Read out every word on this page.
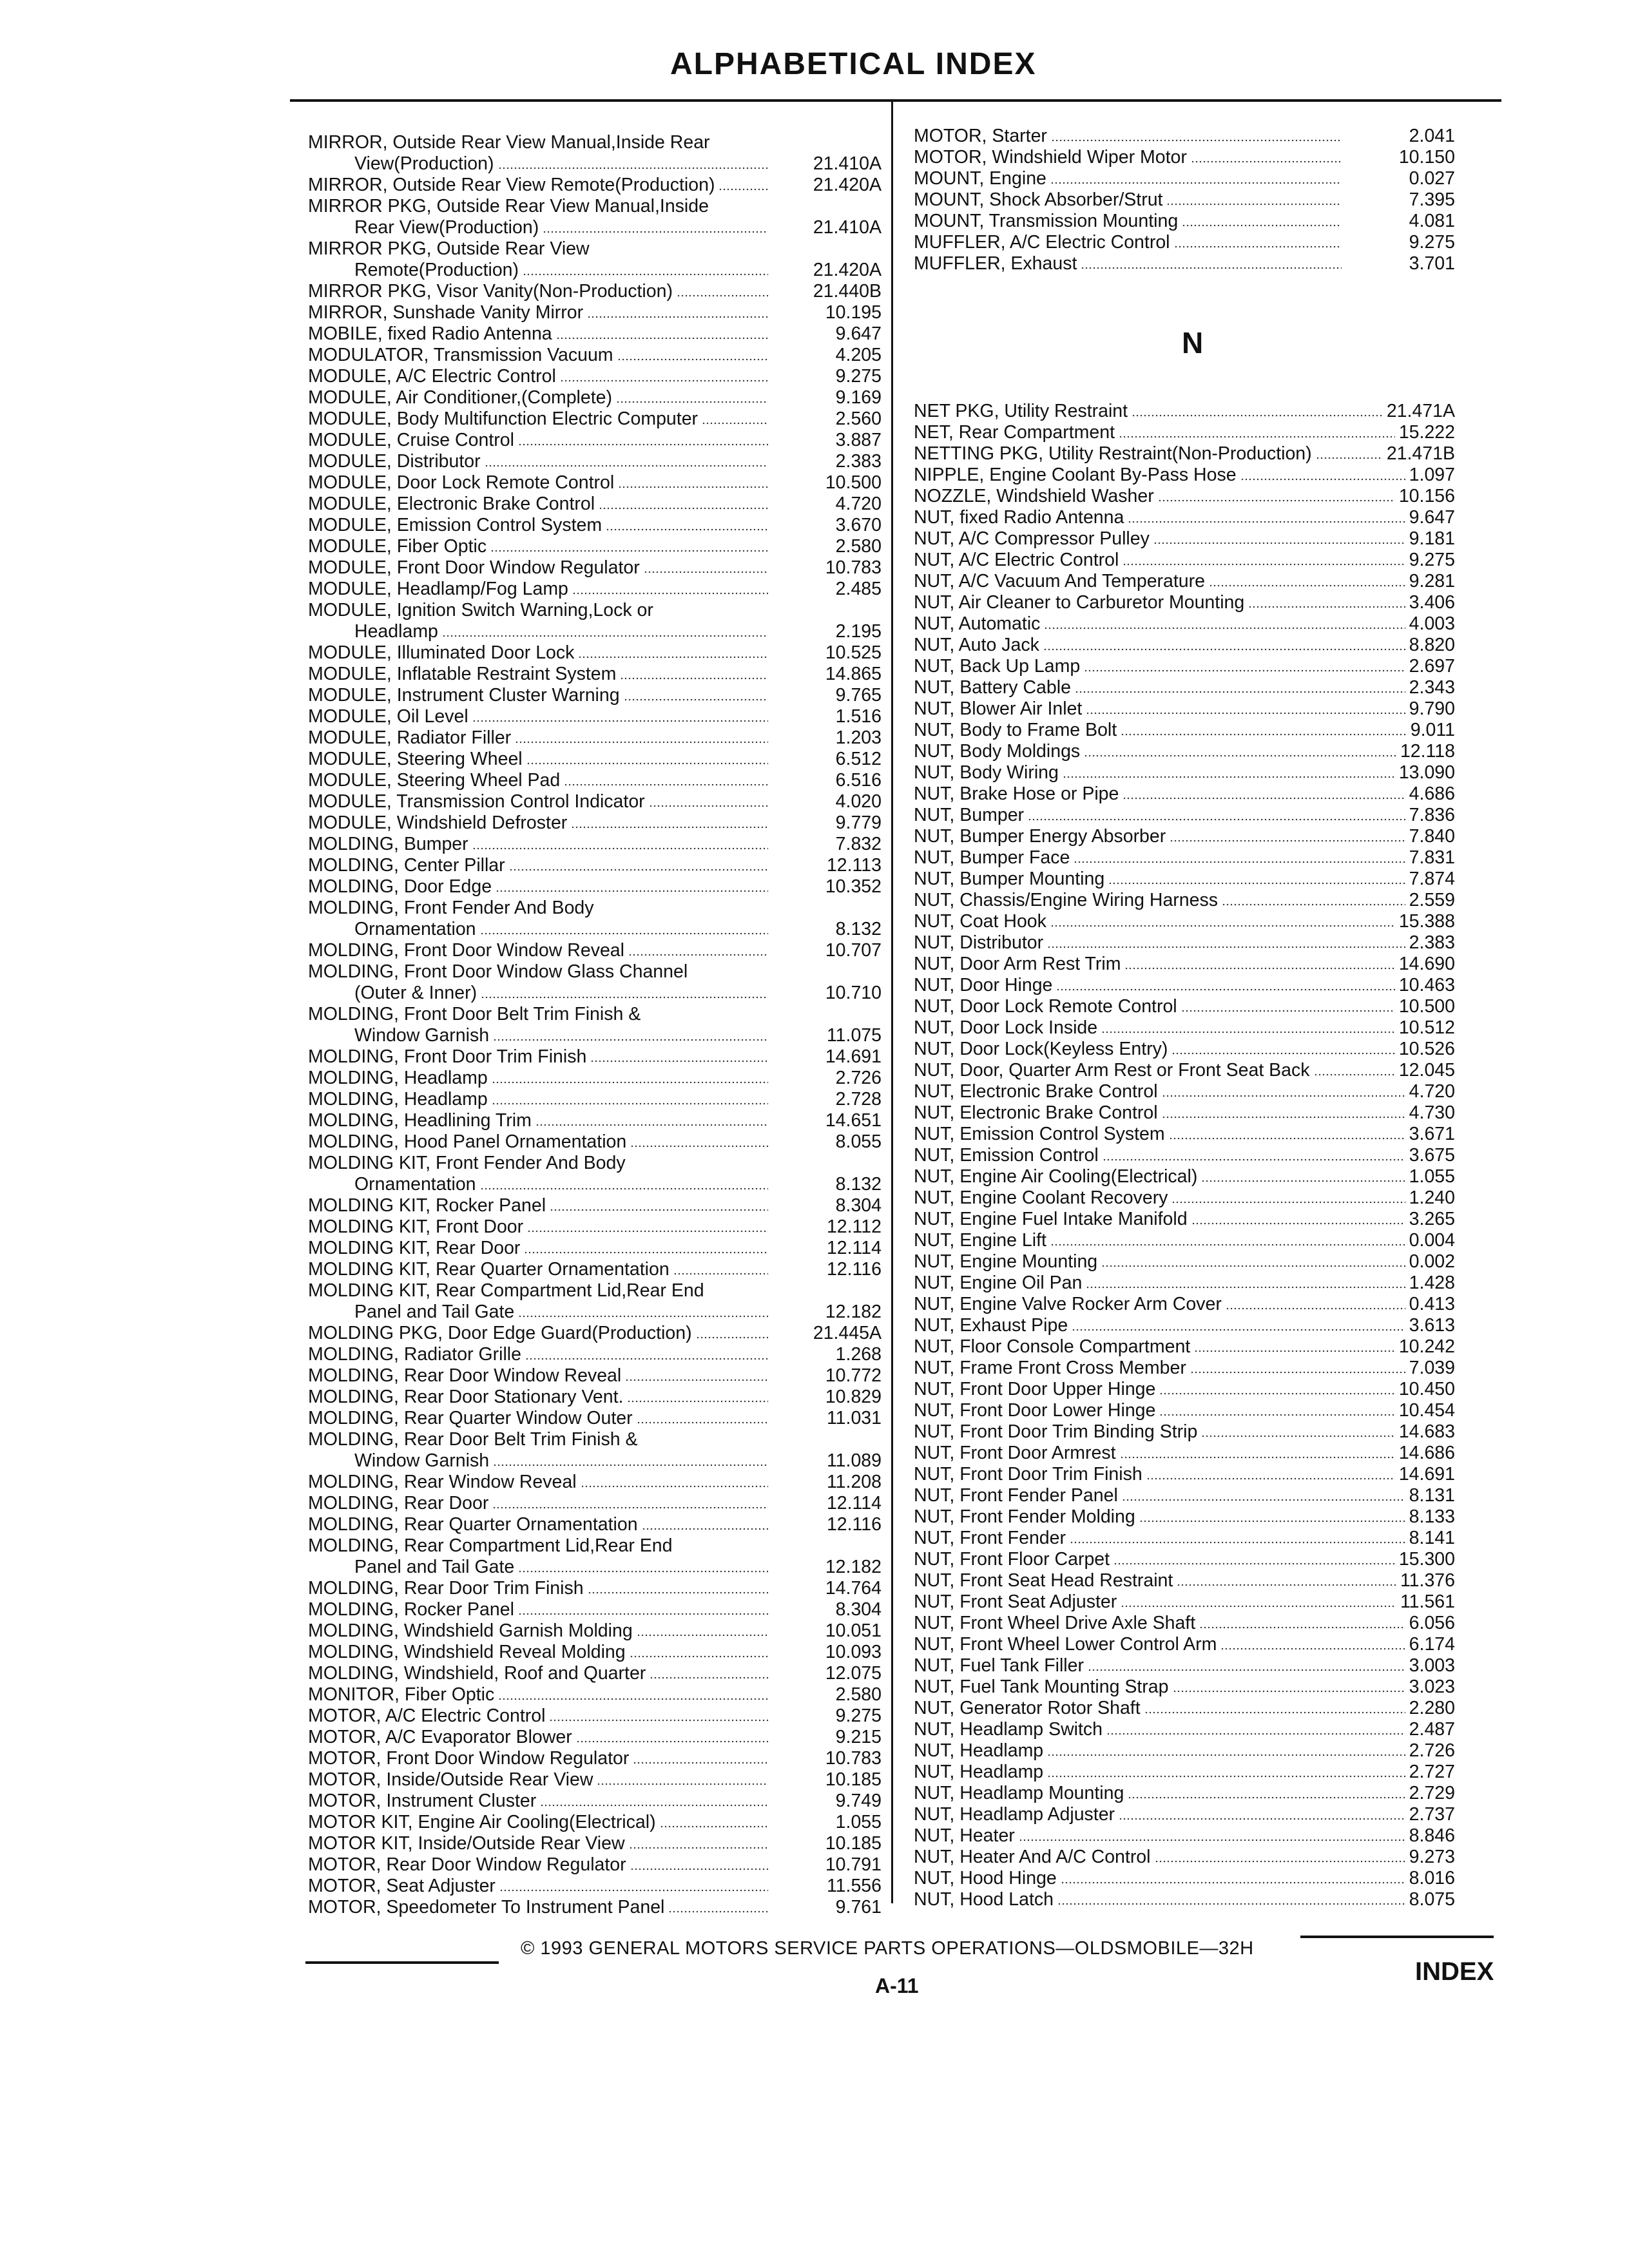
ALPHABETICAL INDEX
MIRROR, Outside Rear View Manual,Inside Rear
View(Production)	21.410A
MIRROR, Outside Rear View Remote(Production)	21.420A
MIRROR PKG, Outside Rear View Manual,Inside
Rear View(Production)	21.410A
MIRROR PKG, Outside Rear View
Remote(Production)	21.420A
MIRROR PKG, Visor Vanity(Non-Production)	21.440B
MIRROR, Sunshade Vanity Mirror	10.195
MOBILE, fixed Radio Antenna	9.647
MODULATOR, Transmission Vacuum	4.205
MODULE, A/C Electric Control	9.275
MODULE, Air Conditioner,(Complete)	9.169
MODULE, Body Multifunction Electric Computer	2.560
MODULE, Cruise Control	3.887
MODULE, Distributor	2.383
MODULE, Door Lock Remote Control	10.500
MODULE, Electronic Brake Control	4.720
MODULE, Emission Control System	3.670
MODULE, Fiber Optic	2.580
MODULE, Front Door Window Regulator	10.783
MODULE, Headlamp/Fog Lamp	2.485
MODULE, Ignition Switch Warning,Lock or
Headlamp	2.195
MODULE, Illuminated Door Lock	10.525
MODULE, Inflatable Restraint System	14.865
MODULE, Instrument Cluster Warning	9.765
MODULE, Oil Level	1.516
MODULE, Radiator Filler	1.203
MODULE, Steering Wheel	6.512
MODULE, Steering Wheel Pad	6.516
MODULE, Transmission Control Indicator	4.020
MODULE, Windshield Defroster	9.779
MOLDING, Bumper	7.832
MOLDING, Center Pillar	12.113
MOLDING, Door Edge	10.352
MOLDING, Front Fender And Body
Ornamentation	8.132
MOLDING, Front Door Window Reveal	10.707
MOLDING, Front Door Window Glass Channel
(Outer & Inner)	10.710
MOLDING, Front Door Belt Trim Finish &
Window Garnish	11.075
MOLDING, Front Door Trim Finish	14.691
MOLDING, Headlamp	2.726
MOLDING, Headlamp	2.728
MOLDING, Headlining Trim	14.651
MOLDING, Hood Panel Ornamentation	8.055
MOLDING KIT, Front Fender And Body
Ornamentation	8.132
MOLDING KIT, Rocker Panel	8.304
MOLDING KIT, Front Door	12.112
MOLDING KIT, Rear Door	12.114
MOLDING KIT, Rear Quarter Ornamentation	12.116
MOLDING KIT, Rear Compartment Lid,Rear End
Panel and Tail Gate	12.182
MOLDING PKG, Door Edge Guard(Production)	21.445A
MOLDING, Radiator Grille	1.268
MOLDING, Rear Door Window Reveal	10.772
MOLDING, Rear Door Stationary Vent.	10.829
MOLDING, Rear Quarter Window Outer	11.031
MOLDING, Rear Door Belt Trim Finish &
Window Garnish	11.089
MOLDING, Rear Window Reveal	11.208
MOLDING, Rear Door	12.114
MOLDING, Rear Quarter Ornamentation	12.116
MOLDING, Rear Compartment Lid,Rear End
Panel and Tail Gate	12.182
MOLDING, Rear Door Trim Finish	14.764
MOLDING, Rocker Panel	8.304
MOLDING, Windshield Garnish Molding	10.051
MOLDING, Windshield Reveal Molding	10.093
MOLDING, Windshield, Roof and Quarter	12.075
MONITOR, Fiber Optic	2.580
MOTOR, A/C Electric Control	9.275
MOTOR, A/C Evaporator Blower	9.215
MOTOR, Front Door Window Regulator	10.783
MOTOR, Inside/Outside Rear View	10.185
MOTOR, Instrument Cluster	9.749
MOTOR KIT, Engine Air Cooling(Electrical)	1.055
MOTOR KIT, Inside/Outside Rear View	10.185
MOTOR, Rear Door Window Regulator	10.791
MOTOR, Seat Adjuster	11.556
MOTOR, Speedometer To Instrument Panel	9.761
MOTOR, Starter	2.041
MOTOR, Windshield Wiper Motor	10.150
MOUNT, Engine	0.027
MOUNT, Shock Absorber/Strut	7.395
MOUNT, Transmission Mounting	4.081
MUFFLER, A/C Electric Control	9.275
MUFFLER, Exhaust	3.701
N
NET PKG, Utility Restraint	21.471A
NET, Rear Compartment	15.222
NETTING PKG, Utility Restraint(Non-Production)	21.471B
NIPPLE, Engine Coolant By-Pass Hose	1.097
NOZZLE, Windshield Washer	10.156
NUT, fixed Radio Antenna	9.647
NUT, A/C Compressor Pulley	9.181
NUT, A/C Electric Control	9.275
NUT, A/C Vacuum And Temperature	9.281
NUT, Air Cleaner to Carburetor Mounting	3.406
NUT, Automatic	4.003
NUT, Auto Jack	8.820
NUT, Back Up Lamp	2.697
NUT, Battery Cable	2.343
NUT, Blower Air Inlet	9.790
NUT, Body to Frame Bolt	9.011
NUT, Body Moldings	12.118
NUT, Body Wiring	13.090
NUT, Brake Hose or Pipe	4.686
NUT, Bumper	7.836
NUT, Bumper Energy Absorber	7.840
NUT, Bumper Face	7.831
NUT, Bumper Mounting	7.874
NUT, Chassis/Engine Wiring Harness	2.559
NUT, Coat Hook	15.388
NUT, Distributor	2.383
NUT, Door Arm Rest Trim	14.690
NUT, Door Hinge	10.463
NUT, Door Lock Remote Control	10.500
NUT, Door Lock Inside	10.512
NUT, Door Lock(Keyless Entry)	10.526
NUT, Door, Quarter Arm Rest or Front Seat Back	12.045
NUT, Electronic Brake Control	4.720
NUT, Electronic Brake Control	4.730
NUT, Emission Control System	3.671
NUT, Emission Control	3.675
NUT, Engine Air Cooling(Electrical)	1.055
NUT, Engine Coolant Recovery	1.240
NUT, Engine Fuel Intake Manifold	3.265
NUT, Engine Lift	0.004
NUT, Engine Mounting	0.002
NUT, Engine Oil Pan	1.428
NUT, Engine Valve Rocker Arm Cover	0.413
NUT, Exhaust Pipe	3.613
NUT, Floor Console Compartment	10.242
NUT, Frame Front Cross Member	7.039
NUT, Front Door Upper Hinge	10.450
NUT, Front Door Lower Hinge	10.454
NUT, Front Door Trim Binding Strip	14.683
NUT, Front Door Armrest	14.686
NUT, Front Door Trim Finish	14.691
NUT, Front Fender Panel	8.131
NUT, Front Fender Molding	8.133
NUT, Front Fender	8.141
NUT, Front Floor Carpet	15.300
NUT, Front Seat Head Restraint	11.376
NUT, Front Seat Adjuster	11.561
NUT, Front Wheel Drive Axle Shaft	6.056
NUT, Front Wheel Lower Control Arm	6.174
NUT, Fuel Tank Filler	3.003
NUT, Fuel Tank Mounting Strap	3.023
NUT, Generator Rotor Shaft	2.280
NUT, Headlamp Switch	2.487
NUT, Headlamp	2.726
NUT, Headlamp	2.727
NUT, Headlamp Mounting	2.729
NUT, Headlamp Adjuster	2.737
NUT, Heater	8.846
NUT, Heater And A/C Control	9.273
NUT, Hood Hinge	8.016
NUT, Hood Latch	8.075
© 1993 GENERAL MOTORS SERVICE PARTS OPERATIONS—OLDSMOBILE—32H
A-11	INDEX
